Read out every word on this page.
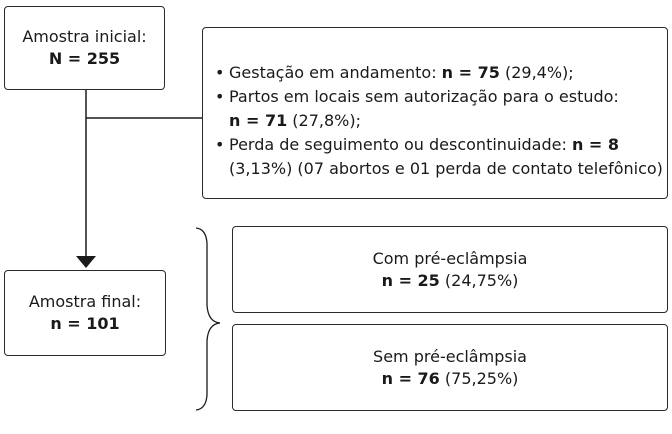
Amostra inicial:
N = 255
• Gestação em andamento: n = 75 (29,4%);
• Partos em locais sem autorização para o estudo:
n = 71 (27,8%);
• Perda de seguimento ou descontinuidade: n = 8
(3,13%) (07 abortos e 01 perda de contato telefônico)
Amostra final:
n = 101
Com pré-eclâmpsia
n = 25 (24,75%)
Sem pré-eclâmpsia
n = 76 (75,25%)
